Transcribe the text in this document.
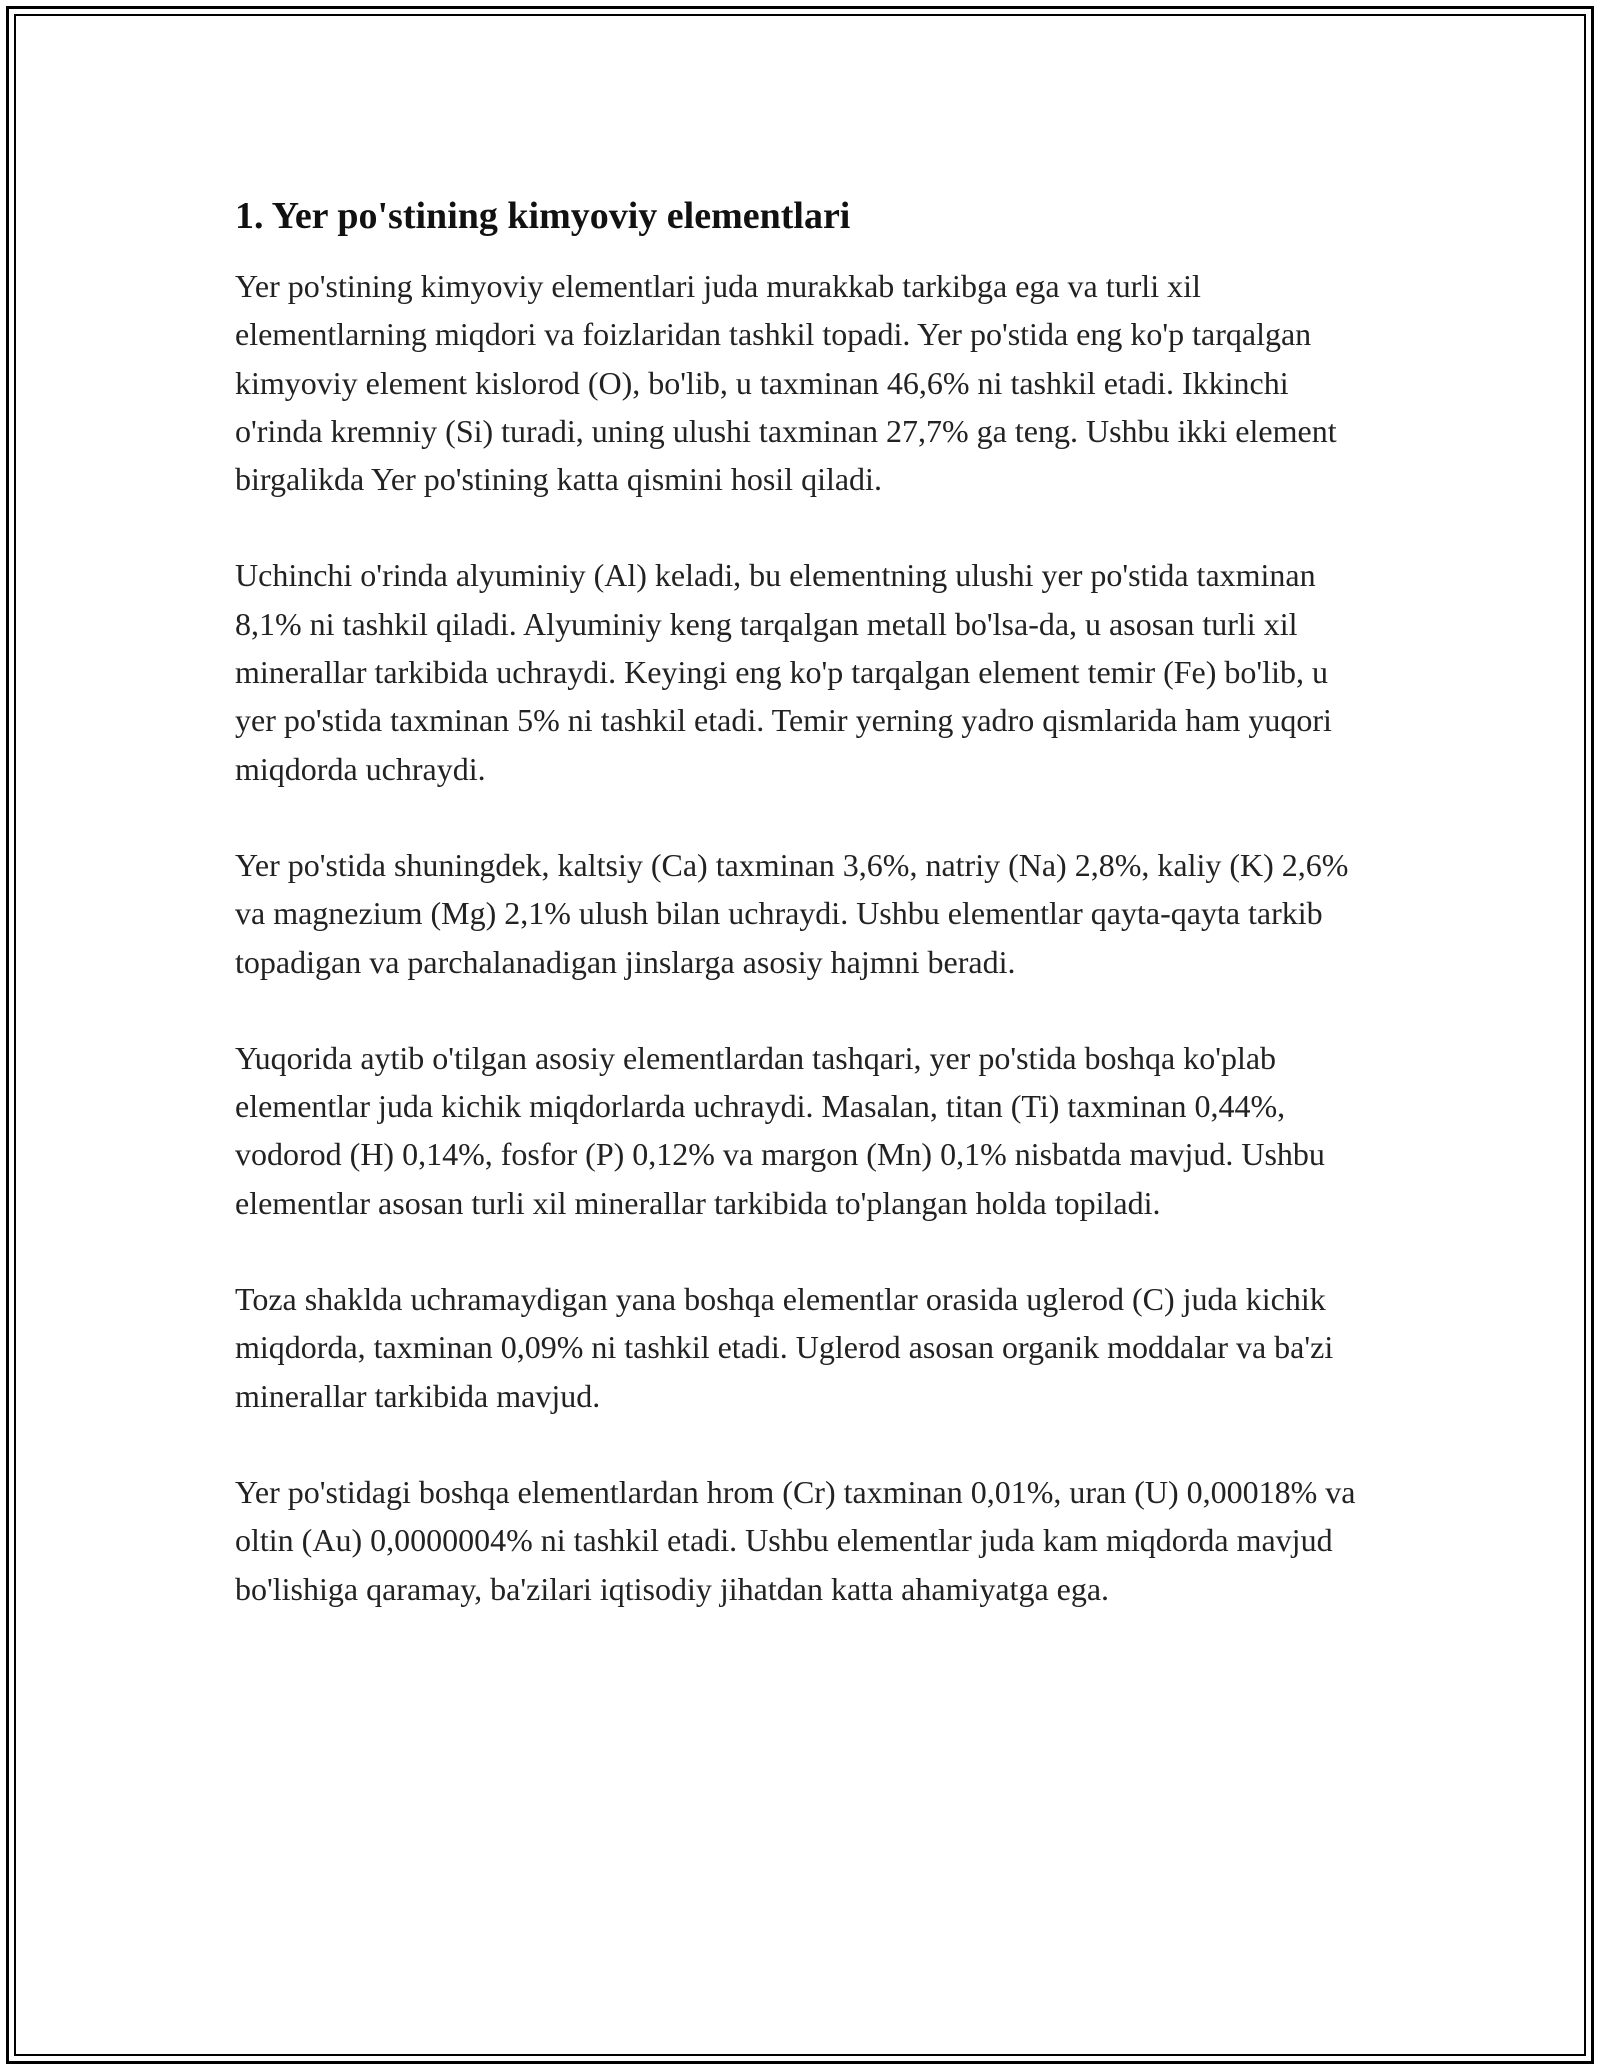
1. Yer po'stining kimyoviy elementlari

Yer po'stining kimyoviy elementlari juda murakkab tarkibga ega va turli xil elementlarning miqdori va foizlaridan tashkil topadi. Yer po'stida eng ko'p tarqalgan kimyoviy element kislorod (O), bo'lib, u taxminan 46,6% ni tashkil etadi. Ikkinchi o'rinda kremniy (Si) turadi, uning ulushi taxminan 27,7% ga teng. Ushbu ikki element birgalikda Yer po'stining katta qismini hosil qiladi.

Uchinchi o'rinda alyuminiy (Al) keladi, bu elementning ulushi yer po'stida taxminan 8,1% ni tashkil qiladi. Alyuminiy keng tarqalgan metall bo'lsa-da, u asosan turli xil minerallar tarkibida uchraydi. Keyingi eng ko'p tarqalgan element temir (Fe) bo'lib, u yer po'stida taxminan 5% ni tashkil etadi. Temir yerning yadro qismlarida ham yuqori miqdorda uchraydi.

Yer po'stida shuningdek, kaltsiy (Ca) taxminan 3,6%, natriy (Na) 2,8%, kaliy (K) 2,6% va magnezium (Mg) 2,1% ulush bilan uchraydi. Ushbu elementlar qayta-qayta tarkib topadigan va parchalanadigan jinslarga asosiy hajmni beradi.

Yuqorida aytib o'tilgan asosiy elementlardan tashqari, yer po'stida boshqa ko'plab elementlar juda kichik miqdorlarda uchraydi. Masalan, titan (Ti) taxminan 0,44%, vodorod (H) 0,14%, fosfor (P) 0,12% va margon (Mn) 0,1% nisbatda mavjud. Ushbu elementlar asosan turli xil minerallar tarkibida to'plangan holda topiladi.

Toza shaklda uchramaydigan yana boshqa elementlar orasida uglerod (C) juda kichik miqdorda, taxminan 0,09% ni tashkil etadi. Uglerod asosan organik moddalar va ba'zi minerallar tarkibida mavjud.

Yer po'stidagi boshqa elementlardan hrom (Cr) taxminan 0,01%, uran (U) 0,00018% va oltin (Au) 0,0000004% ni tashkil etadi. Ushbu elementlar juda kam miqdorda mavjud bo'lishiga qaramay, ba'zilari iqtisodiy jihatdan katta ahamiyatga ega.
